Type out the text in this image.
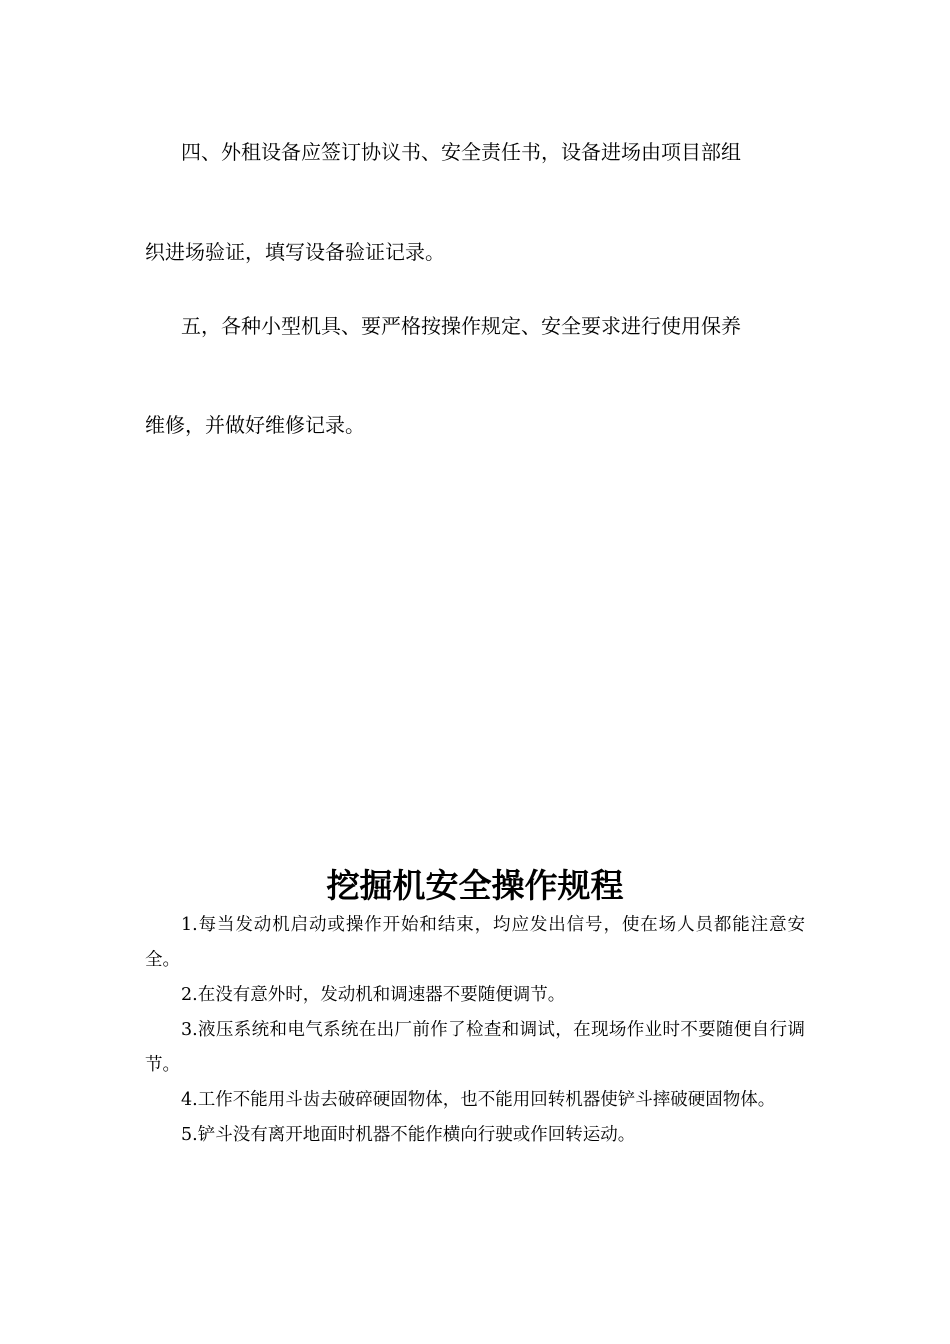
四、外租设备应签订协议书、安全责任书，设备进场由项目部组

织进场验证，填写设备验证记录。

五，各种小型机具、要严格按操作规定、安全要求进行使用保养

维修，并做好维修记录。

挖掘机安全操作规程

1.每当发动机启动或操作开始和结束，均应发出信号，使在场人员都能注意安全。

2.在没有意外时，发动机和调速器不要随便调节。

3.液压系统和电气系统在出厂前作了检查和调试，在现场作业时不要随便自行调节。

4.工作不能用斗齿去破碎硬固物体，也不能用回转机器使铲斗摔破硬固物体。

5.铲斗没有离开地面时机器不能作横向行驶或作回转运动。
